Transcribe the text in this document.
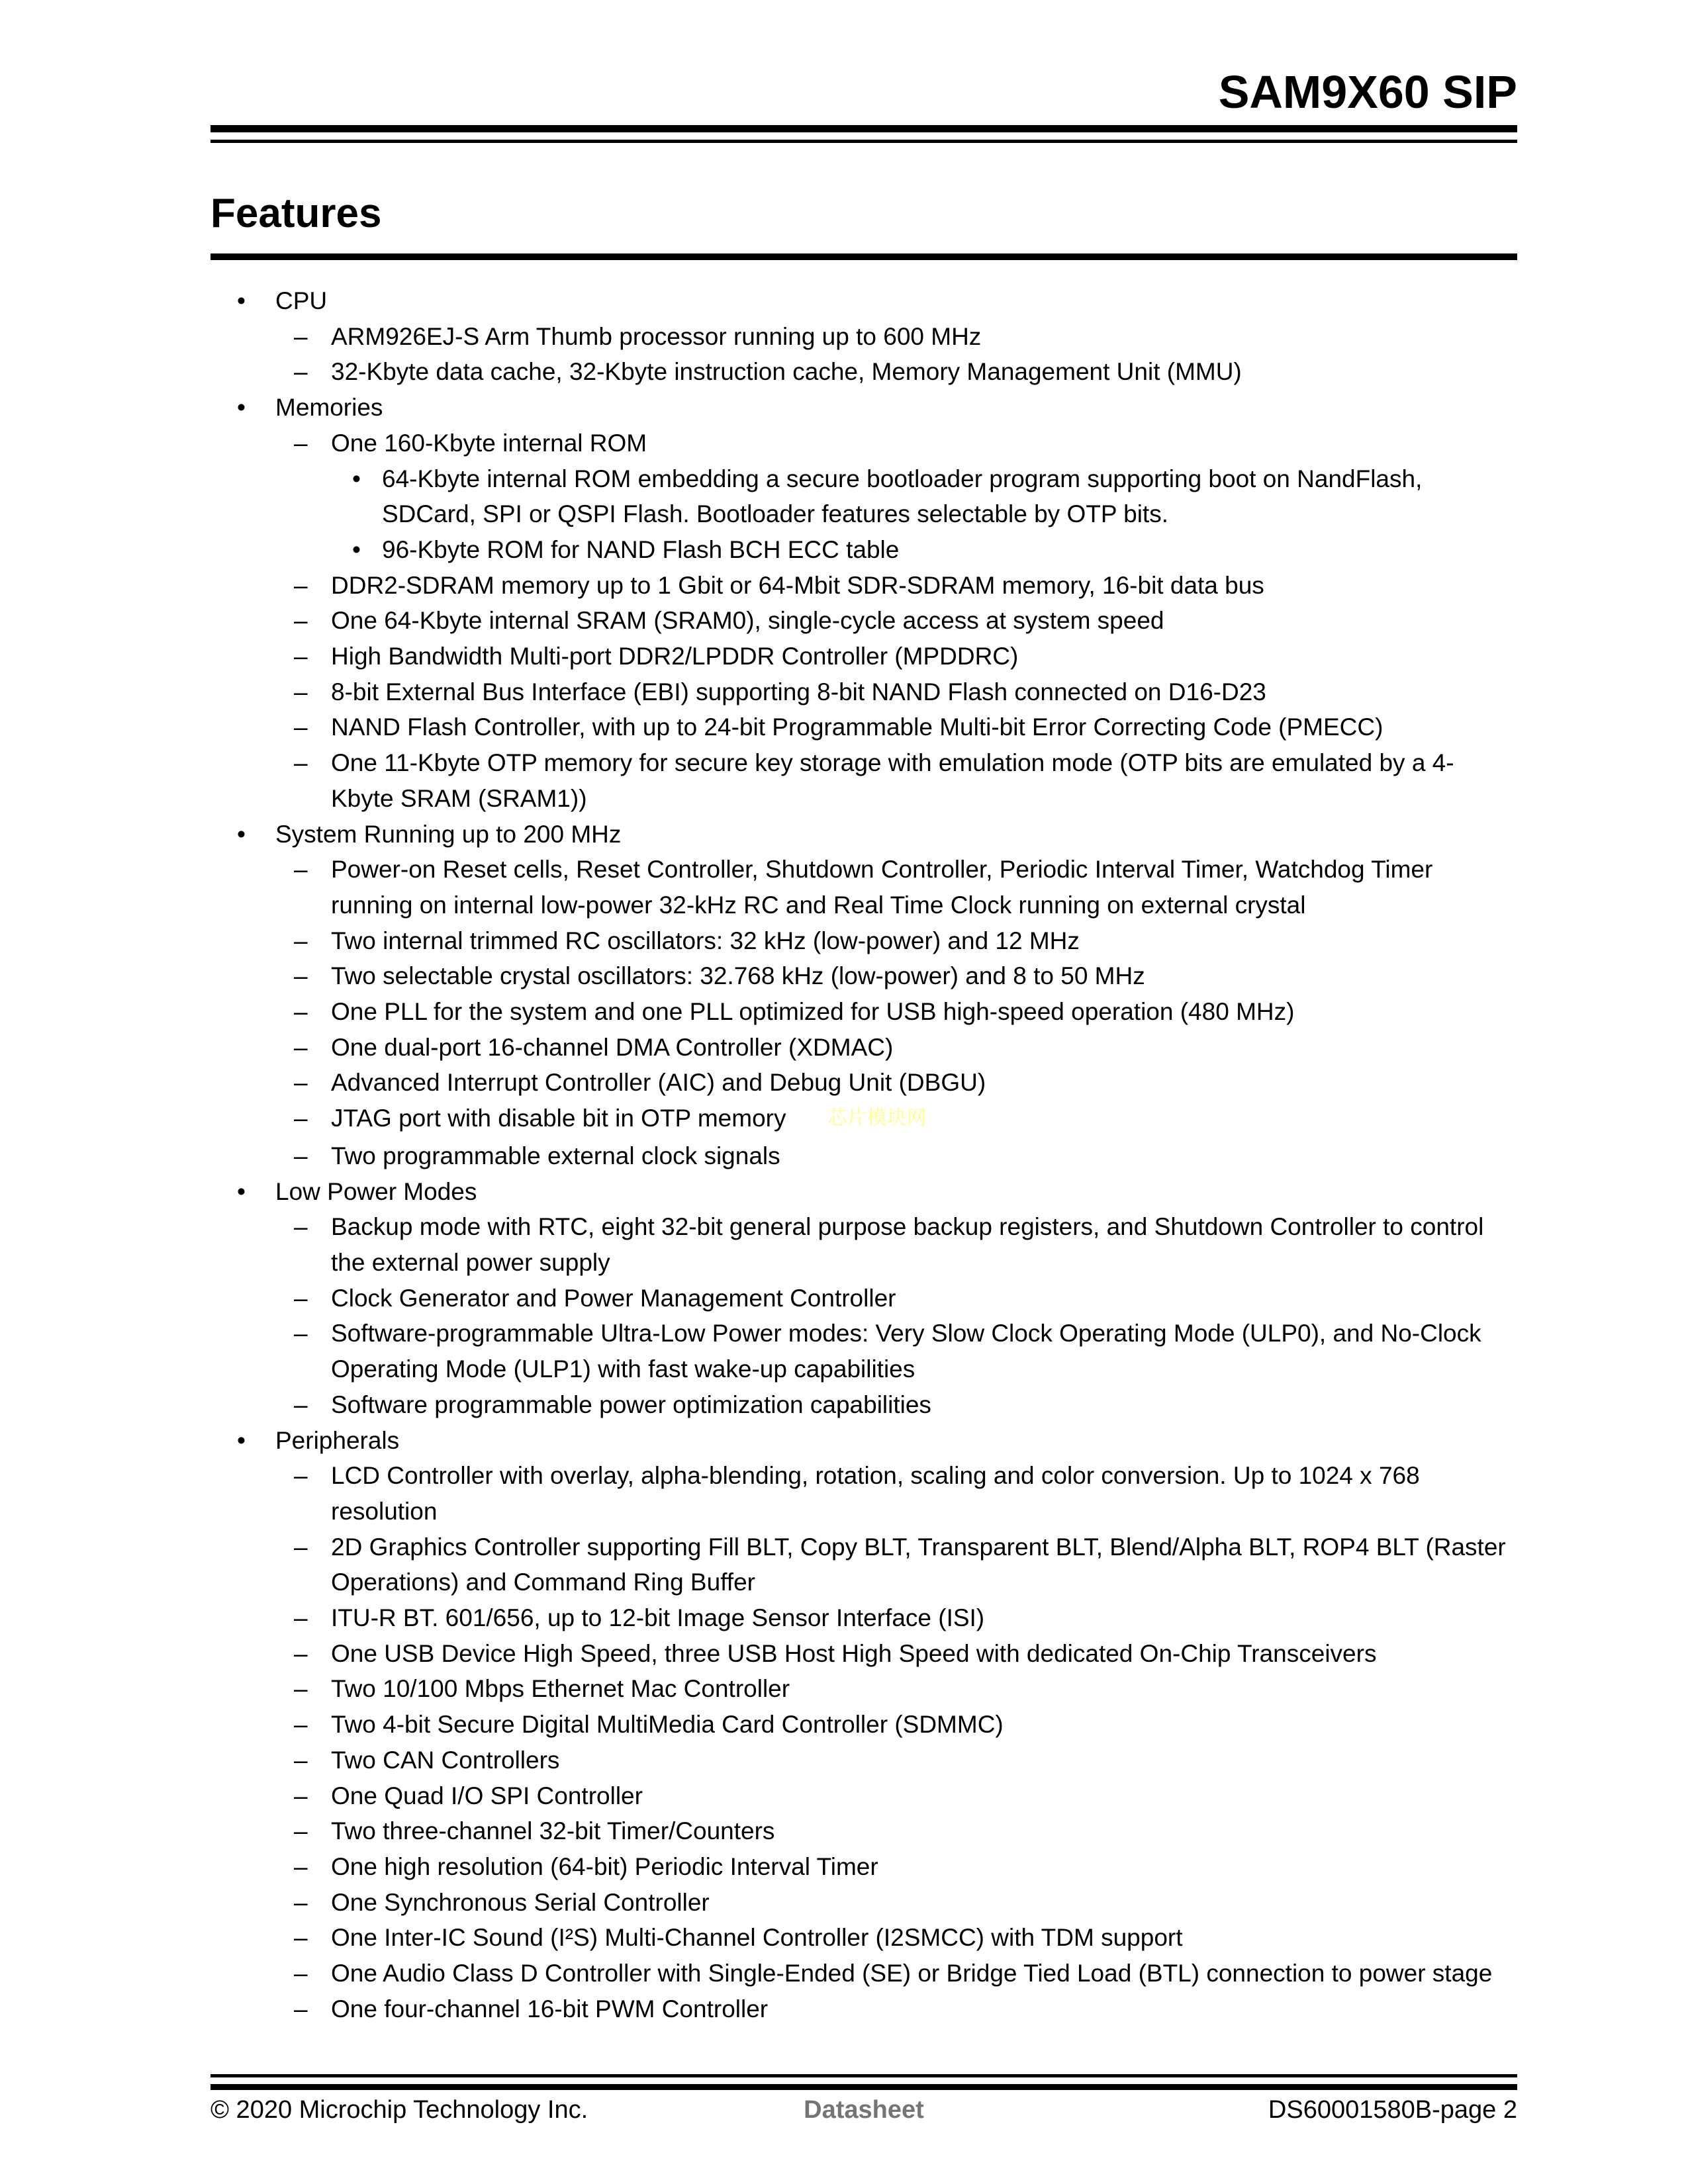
SAM9X60 SIP
Features
• CPU
– ARM926EJ-S Arm Thumb processor running up to 600 MHz
– 32-Kbyte data cache, 32-Kbyte instruction cache, Memory Management Unit (MMU)
• Memories
– One 160-Kbyte internal ROM
• 64-Kbyte internal ROM embedding a secure bootloader program supporting boot on NandFlash, SDCard, SPI or QSPI Flash. Bootloader features selectable by OTP bits.
• 96-Kbyte ROM for NAND Flash BCH ECC table
– DDR2-SDRAM memory up to 1 Gbit or 64-Mbit SDR-SDRAM memory, 16-bit data bus
– One 64-Kbyte internal SRAM (SRAM0), single-cycle access at system speed
– High Bandwidth Multi-port DDR2/LPDDR Controller (MPDDRC)
– 8-bit External Bus Interface (EBI) supporting 8-bit NAND Flash connected on D16-D23
– NAND Flash Controller, with up to 24-bit Programmable Multi-bit Error Correcting Code (PMECC)
– One 11-Kbyte OTP memory for secure key storage with emulation mode (OTP bits are emulated by a 4-Kbyte SRAM (SRAM1))
• System Running up to 200 MHz
– Power-on Reset cells, Reset Controller, Shutdown Controller, Periodic Interval Timer, Watchdog Timer running on internal low-power 32-kHz RC and Real Time Clock running on external crystal
– Two internal trimmed RC oscillators: 32 kHz (low-power) and 12 MHz
– Two selectable crystal oscillators: 32.768 kHz (low-power) and 8 to 50 MHz
– One PLL for the system and one PLL optimized for USB high-speed operation (480 MHz)
– One dual-port 16-channel DMA Controller (XDMAC)
– Advanced Interrupt Controller (AIC) and Debug Unit (DBGU)
– JTAG port with disable bit in OTP memory 芯片模块网
– Two programmable external clock signals
• Low Power Modes
– Backup mode with RTC, eight 32-bit general purpose backup registers, and Shutdown Controller to control the external power supply
– Clock Generator and Power Management Controller
– Software-programmable Ultra-Low Power modes: Very Slow Clock Operating Mode (ULP0), and No-Clock Operating Mode (ULP1) with fast wake-up capabilities
– Software programmable power optimization capabilities
• Peripherals
– LCD Controller with overlay, alpha-blending, rotation, scaling and color conversion. Up to 1024 x 768 resolution
– 2D Graphics Controller supporting Fill BLT, Copy BLT, Transparent BLT, Blend/Alpha BLT, ROP4 BLT (Raster Operations) and Command Ring Buffer
– ITU-R BT. 601/656, up to 12-bit Image Sensor Interface (ISI)
– One USB Device High Speed, three USB Host High Speed with dedicated On-Chip Transceivers
– Two 10/100 Mbps Ethernet Mac Controller
– Two 4-bit Secure Digital MultiMedia Card Controller (SDMMC)
– Two CAN Controllers
– One Quad I/O SPI Controller
– Two three-channel 32-bit Timer/Counters
– One high resolution (64-bit) Periodic Interval Timer
– One Synchronous Serial Controller
– One Inter-IC Sound (I²S) Multi-Channel Controller (I2SMCC) with TDM support
– One Audio Class D Controller with Single-Ended (SE) or Bridge Tied Load (BTL) connection to power stage
– One four-channel 16-bit PWM Controller
© 2020 Microchip Technology Inc.	Datasheet	DS60001580B-page 2
